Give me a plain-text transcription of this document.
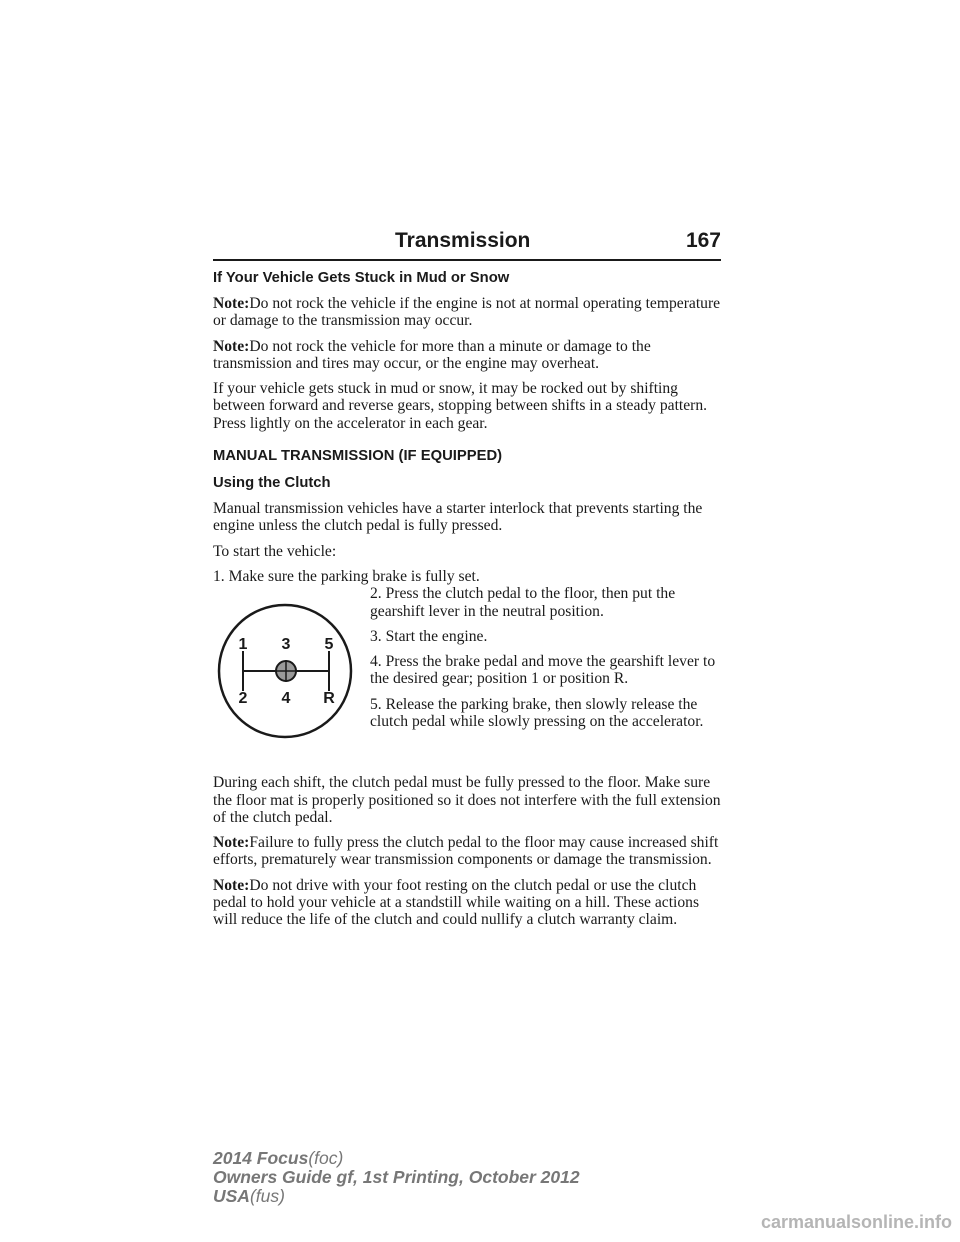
Transmission	167

If Your Vehicle Gets Stuck in Mud or Snow

Note:Do not rock the vehicle if the engine is not at normal operating temperature or damage to the transmission may occur.

Note:Do not rock the vehicle for more than a minute or damage to the transmission and tires may occur, or the engine may overheat.

If your vehicle gets stuck in mud or snow, it may be rocked out by shifting between forward and reverse gears, stopping between shifts in a steady pattern. Press lightly on the accelerator in each gear.

MANUAL TRANSMISSION (IF EQUIPPED)

Using the Clutch

Manual transmission vehicles have a starter interlock that prevents starting the engine unless the clutch pedal is fully pressed.

To start the vehicle:

1. Make sure the parking brake is fully set.

1 3 5
2 4 R

2. Press the clutch pedal to the floor, then put the gearshift lever in the neutral position.

3. Start the engine.

4. Press the brake pedal and move the gearshift lever to the desired gear; position 1 or position R.

5. Release the parking brake, then slowly release the clutch pedal while slowly pressing on the accelerator.

During each shift, the clutch pedal must be fully pressed to the floor. Make sure the floor mat is properly positioned so it does not interfere with the full extension of the clutch pedal.

Note:Failure to fully press the clutch pedal to the floor may cause increased shift efforts, prematurely wear transmission components or damage the transmission.

Note:Do not drive with your foot resting on the clutch pedal or use the clutch pedal to hold your vehicle at a standstill while waiting on a hill. These actions will reduce the life of the clutch and could nullify a clutch warranty claim.

2014 Focus(foc)
Owners Guide gf, 1st Printing, October 2012
USA(fus)
carmanualsonline.info
